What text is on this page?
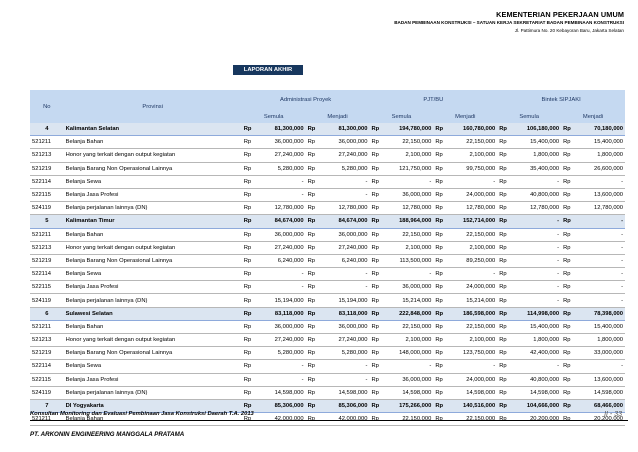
KEMENTERIAN PEKERJAAN UMUM
BADAN PEMBINAAN KONSTRUKSI – SATUAN KERJA SEKRETARIAT BADAN PEMBINAAN KONSTRUKSI
Jl. Pattimura No. 20 Kebayoran Baru, Jakarta Selatan
LAPORAN AKHIR
No	Provinsi	Administrasi Proyek				PJT/BU				Bintek SIPJAKI			
		Semula		Menjadi		Semula		Menjadi		Semula		Menjadi	
4	Kalimantan Selatan	Rp	81,300,000	Rp	81,300,000	Rp	194,780,000	Rp	160,780,000	Rp	106,180,000	Rp	70,180,000
521211	Belanja Bahan	Rp	36,000,000	Rp	36,000,000	Rp	22,150,000	Rp	22,150,000	Rp	15,400,000	Rp	15,400,000
521213	Honor yang terkait dengan output kegiatan	Rp	27,240,000	Rp	27,240,000	Rp	2,100,000	Rp	2,100,000	Rp	1,800,000	Rp	1,800,000
521219	Belanja Barang Non Operasional Lainnya	Rp	5,280,000	Rp	5,280,000	Rp	121,750,000	Rp	99,750,000	Rp	35,400,000	Rp	26,600,000
522114	Belanja Sewa	Rp	-	Rp	-	Rp	-	Rp	-	Rp	-	Rp	-
522115	Belanja Jasa Profesi	Rp	-	Rp	-	Rp	36,000,000	Rp	24,000,000	Rp	40,800,000	Rp	13,600,000
524119	Belanja perjalanan lainnya (DN)	Rp	12,780,000	Rp	12,780,000	Rp	12,780,000	Rp	12,780,000	Rp	12,780,000	Rp	12,780,000
5	Kalimantan Timur	Rp	84,674,000	Rp	84,674,000	Rp	188,964,000	Rp	152,714,000	Rp	-	Rp	-
521211	Belanja Bahan	Rp	36,000,000	Rp	36,000,000	Rp	22,150,000	Rp	22,150,000	Rp	-	Rp	-
521213	Honor yang terkait dengan output kegiatan	Rp	27,240,000	Rp	27,240,000	Rp	2,100,000	Rp	2,100,000	Rp	-	Rp	-
521219	Belanja Barang Non Operasional Lainnya	Rp	6,240,000	Rp	6,240,000	Rp	113,500,000	Rp	89,250,000	Rp	-	Rp	-
522114	Belanja Sewa	Rp	-	Rp	-	Rp	-	Rp	-	Rp	-	Rp	-
522115	Belanja Jasa Profesi	Rp	-	Rp	-	Rp	36,000,000	Rp	24,000,000	Rp	-	Rp	-
524119	Belanja perjalanan lainnya (DN)	Rp	15,194,000	Rp	15,194,000	Rp	15,214,000	Rp	15,214,000	Rp	-	Rp	-
6	Sulawesi Selatan	Rp	83,118,000	Rp	83,118,000	Rp	222,848,000	Rp	186,598,000	Rp	114,998,000	Rp	78,398,000
521211	Belanja Bahan	Rp	36,000,000	Rp	36,000,000	Rp	22,150,000	Rp	22,150,000	Rp	15,400,000	Rp	15,400,000
521213	Honor yang terkait dengan output kegiatan	Rp	27,240,000	Rp	27,240,000	Rp	2,100,000	Rp	2,100,000	Rp	1,800,000	Rp	1,800,000
521219	Belanja Barang Non Operasional Lainnya	Rp	5,280,000	Rp	5,280,000	Rp	148,000,000	Rp	123,750,000	Rp	42,400,000	Rp	33,000,000
522114	Belanja Sewa	Rp	-	Rp	-	Rp	-	Rp	-	Rp	-	Rp	-
522115	Belanja Jasa Profesi	Rp	-	Rp	-	Rp	36,000,000	Rp	24,000,000	Rp	40,800,000	Rp	13,600,000
524119	Belanja perjalanan lainnya (DN)	Rp	14,598,000	Rp	14,598,000	Rp	14,598,000	Rp	14,598,000	Rp	14,598,000	Rp	14,598,000
7	DI Yogyakarta	Rp	85,306,000	Rp	85,306,000	Rp	175,266,000	Rp	140,516,000	Rp	104,666,000	Rp	68,466,000

Konsultan Monitoring dan Evaluasi Pembinaan Jasa Konstruksi Daerah T.A. 2013
PT. ARKONIN ENGINEERING MANGGALA PRATAMA
II - 33
